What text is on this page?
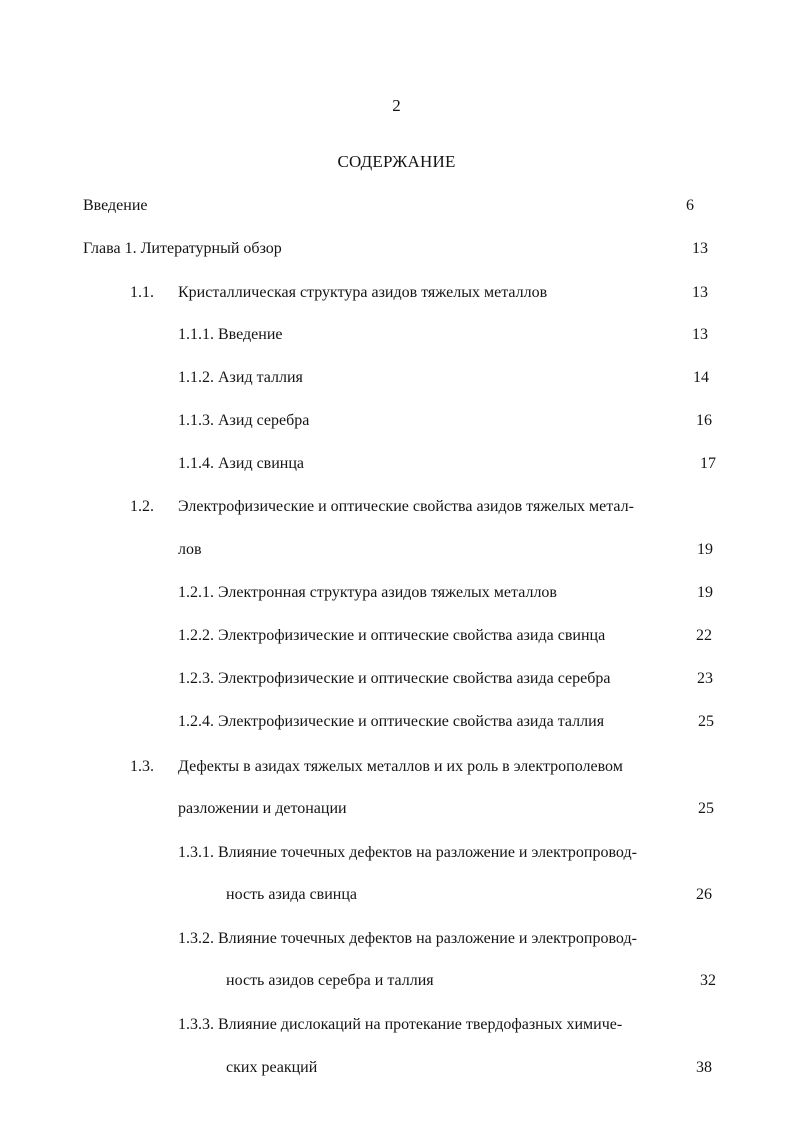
2
СОДЕРЖАНИЕ
Введение	6
Глава 1. Литературный обзор	13
1.1. Кристаллическая структура азидов тяжелых металлов	13
1.1.1. Введение	13
1.1.2. Азид таллия	14
1.1.3. Азид серебра	16
1.1.4. Азид свинца	17
1.2. Электрофизические и оптические свойства азидов тяжелых метал-
лов	19
1.2.1. Электронная структура азидов тяжелых металлов	19
1.2.2. Электрофизические и оптические свойства азида свинца	22
1.2.3. Электрофизические и оптические свойства азида серебра	23
1.2.4. Электрофизические и оптические свойства азида таллия	25
1.3. Дефекты в азидах тяжелых металлов и их роль в электрополевом
разложении и детонации	25
1.3.1. Влияние точечных дефектов на разложение и электропровод-
ность азида свинца	26
1.3.2. Влияние точечных дефектов на разложение и электропровод-
ность азидов серебра и таллия	32
1.3.3. Влияние дислокаций на протекание твердофазных химиче-
ских реакций	38
